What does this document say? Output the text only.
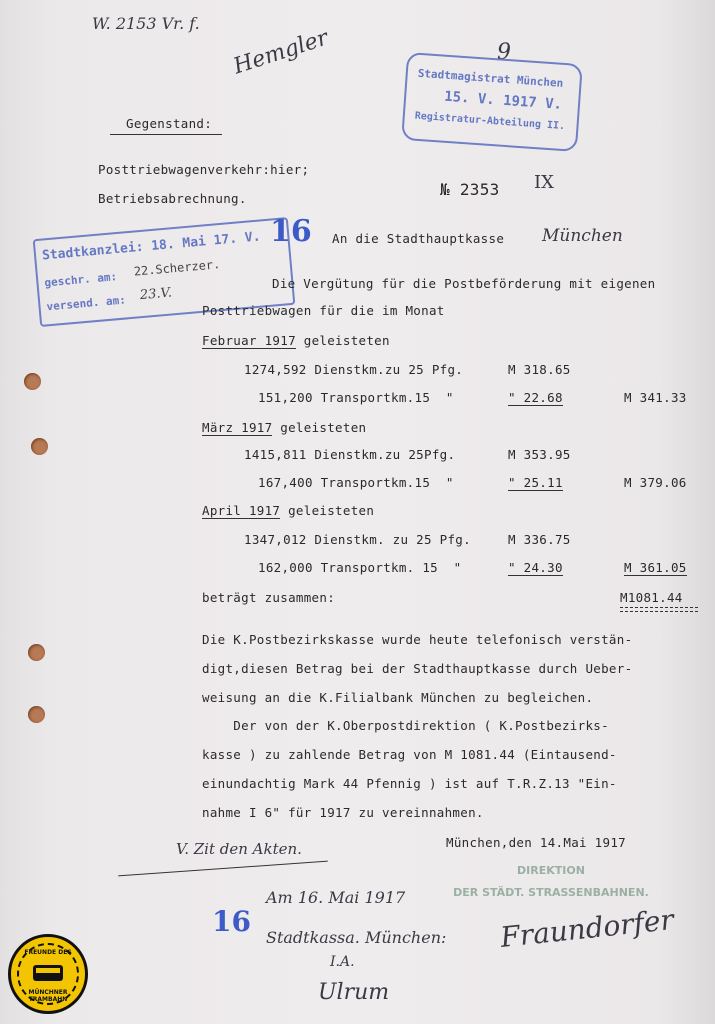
W. 2153 Vr. f.
Hemgler	9
Gegenstand:
Posttriebwagenverkehr:hier;
Betriebsabrechnung.
Stadtmagistrat München
15. V. 1917 V.
Registratur-Abteilung II.
№ 2353 IX
Stadtkanzlei: 18. Mai 17. V.
geschr. am:
22.Scherzer.
versend. am: 23.V.
16 An die Stadthauptkasse München
Die Vergütung für die Postbeförderung mit eigenen
Posttriebwagen für die im Monat
Februar 1917 geleisteten
1274,592 Dienstkm.zu 25 Pfg.	M 318.65
151,200 Transportkm.15  "	" 22.68	M 341.33
März 1917 geleisteten
1415,811 Dienstkm.zu 25Pfg.	M 353.95
167,400 Transportkm.15  "	" 25.11	M 379.06
April 1917 geleisteten
1347,012 Dienstkm. zu 25 Pfg.	M 336.75
162,000 Transportkm. 15  "	" 24.30	M 361.05
beträgt zusammen:	M1081.44
Die K.Postbezirkskasse wurde heute telefonisch verstän-
digt,diesen Betrag bei der Stadthauptkasse durch Ueber-
weisung an die K.Filialbank München zu begleichen.
Der von der K.Oberpostdirektion ( K.Postbezirks-
kasse ) zu zahlende Betrag von M 1081.44 (Eintausend-
einundachtig Mark 44 Pfennig ) ist auf T.R.Z.13 "Ein-
nahme I 6" für 1917 zu vereinnahmen.
München,den 14.Mai 1917
DIREKTION
DER STÄDT. STRASSENBAHNEN.
V. Zit den Akten.
Am 16. Mai 1917
16 Stadtkassa. München:
I.A.
Ulrum
Fraundorfer
FREUNDE DES
MÜNCHNER TRAMBAHN
